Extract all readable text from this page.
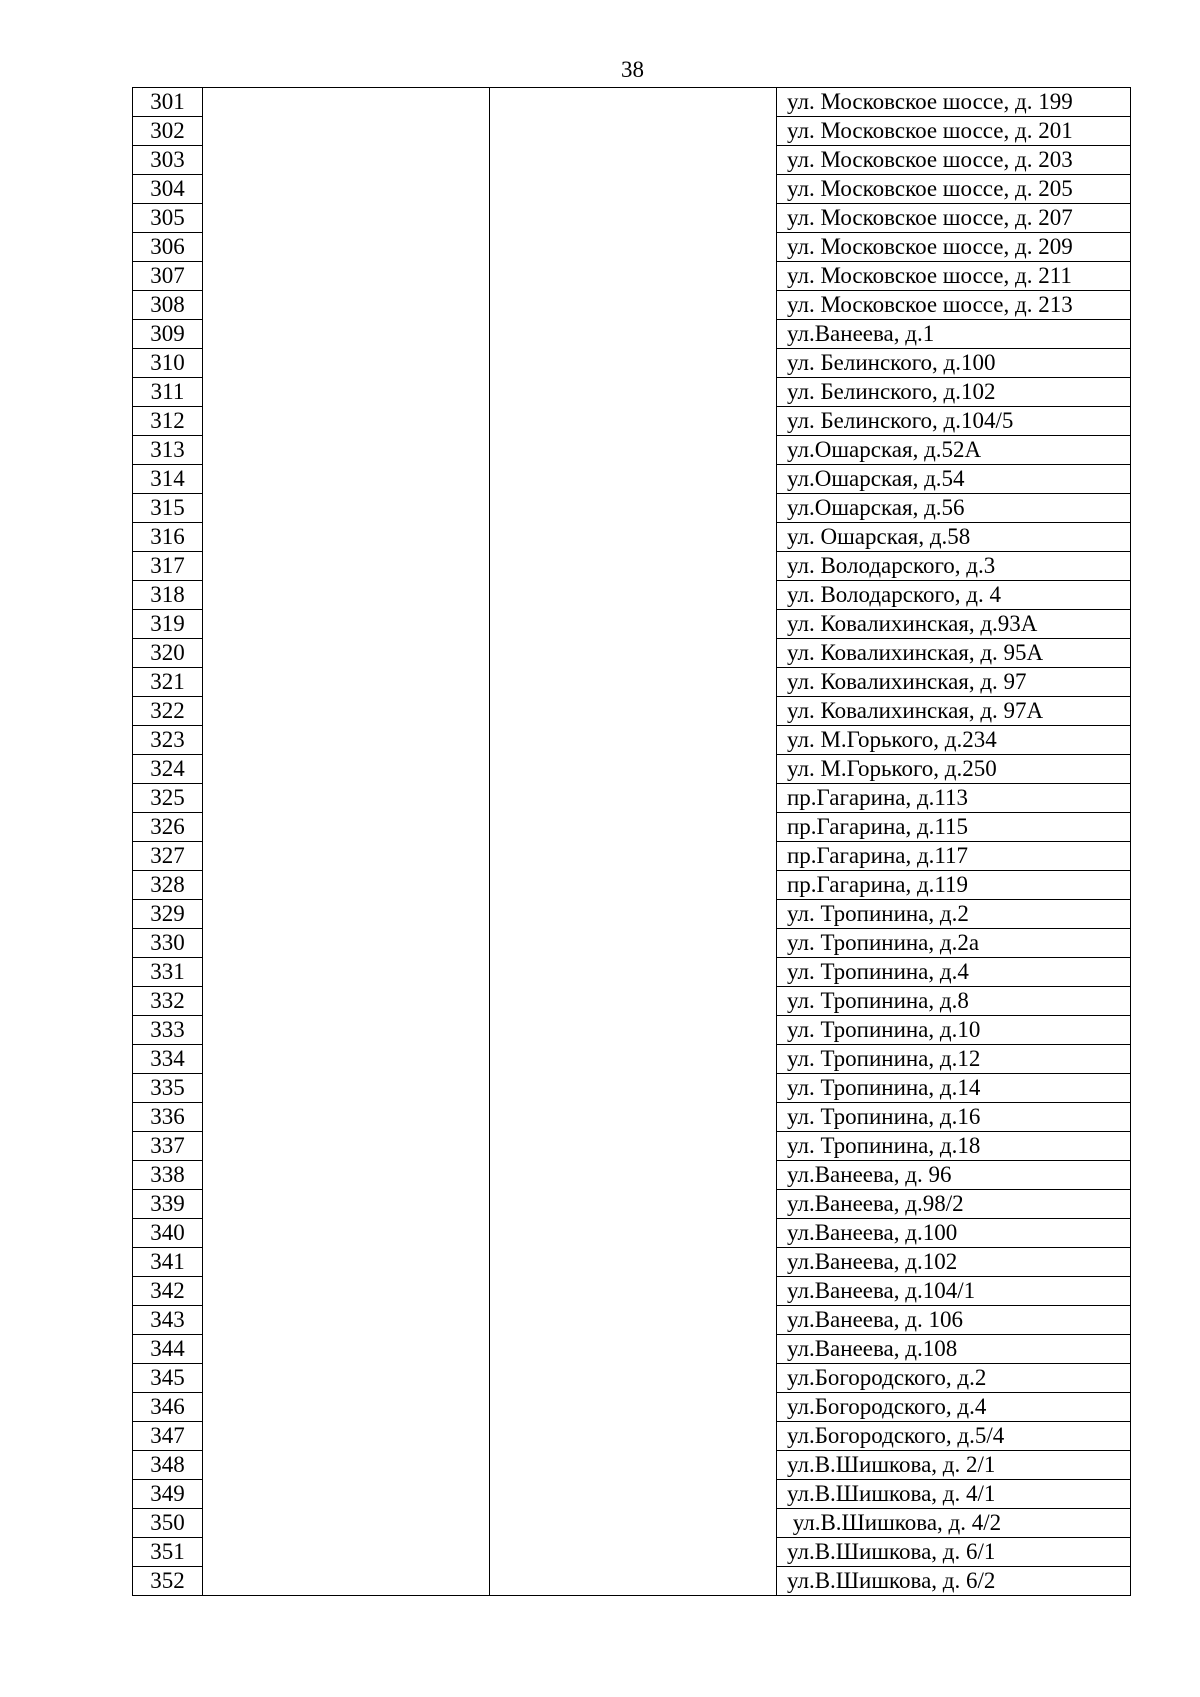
38
301			ул. Московское шоссе, д. 199
302			ул. Московское шоссе, д. 201
303			ул. Московское шоссе, д. 203
304			ул. Московское шоссе, д. 205
305			ул. Московское шоссе, д. 207
306			ул. Московское шоссе, д. 209
307			ул. Московское шоссе, д. 211
308			ул. Московское шоссе, д. 213
309			ул.Ванеева, д.1
310			ул. Белинского, д.100
311			ул. Белинского, д.102
312			ул. Белинского, д.104/5
313			ул.Ошарская, д.52А
314			ул.Ошарская, д.54
315			ул.Ошарская, д.56
316			ул. Ошарская, д.58
317			ул. Володарского, д.3
318			ул. Володарского, д. 4
319			ул. Ковалихинская, д.93А
320			ул. Ковалихинская, д. 95А
321			ул. Ковалихинская, д. 97
322			ул. Ковалихинская, д. 97А
323			ул. М.Горького, д.234
324			ул. М.Горького, д.250
325			пр.Гагарина, д.113
326			пр.Гагарина, д.115
327			пр.Гагарина, д.117
328			пр.Гагарина, д.119
329			ул. Тропинина, д.2
330			ул. Тропинина, д.2а
331			ул. Тропинина, д.4
332			ул. Тропинина, д.8
333			ул. Тропинина, д.10
334			ул. Тропинина, д.12
335			ул. Тропинина, д.14
336			ул. Тропинина, д.16
337			ул. Тропинина, д.18
338			ул.Ванеева, д. 96
339			ул.Ванеева, д.98/2
340			ул.Ванеева, д.100
341			ул.Ванеева, д.102
342			ул.Ванеева, д.104/1
343			ул.Ванеева, д. 106
344			ул.Ванеева, д.108
345			ул.Богородского, д.2
346			ул.Богородского, д.4
347			ул.Богородского, д.5/4
348			ул.В.Шишкова, д. 2/1
349			ул.В.Шишкова, д. 4/1
350			ул.В.Шишкова, д. 4/2
351			ул.В.Шишкова, д. 6/1
352			ул.В.Шишкова, д. 6/2
